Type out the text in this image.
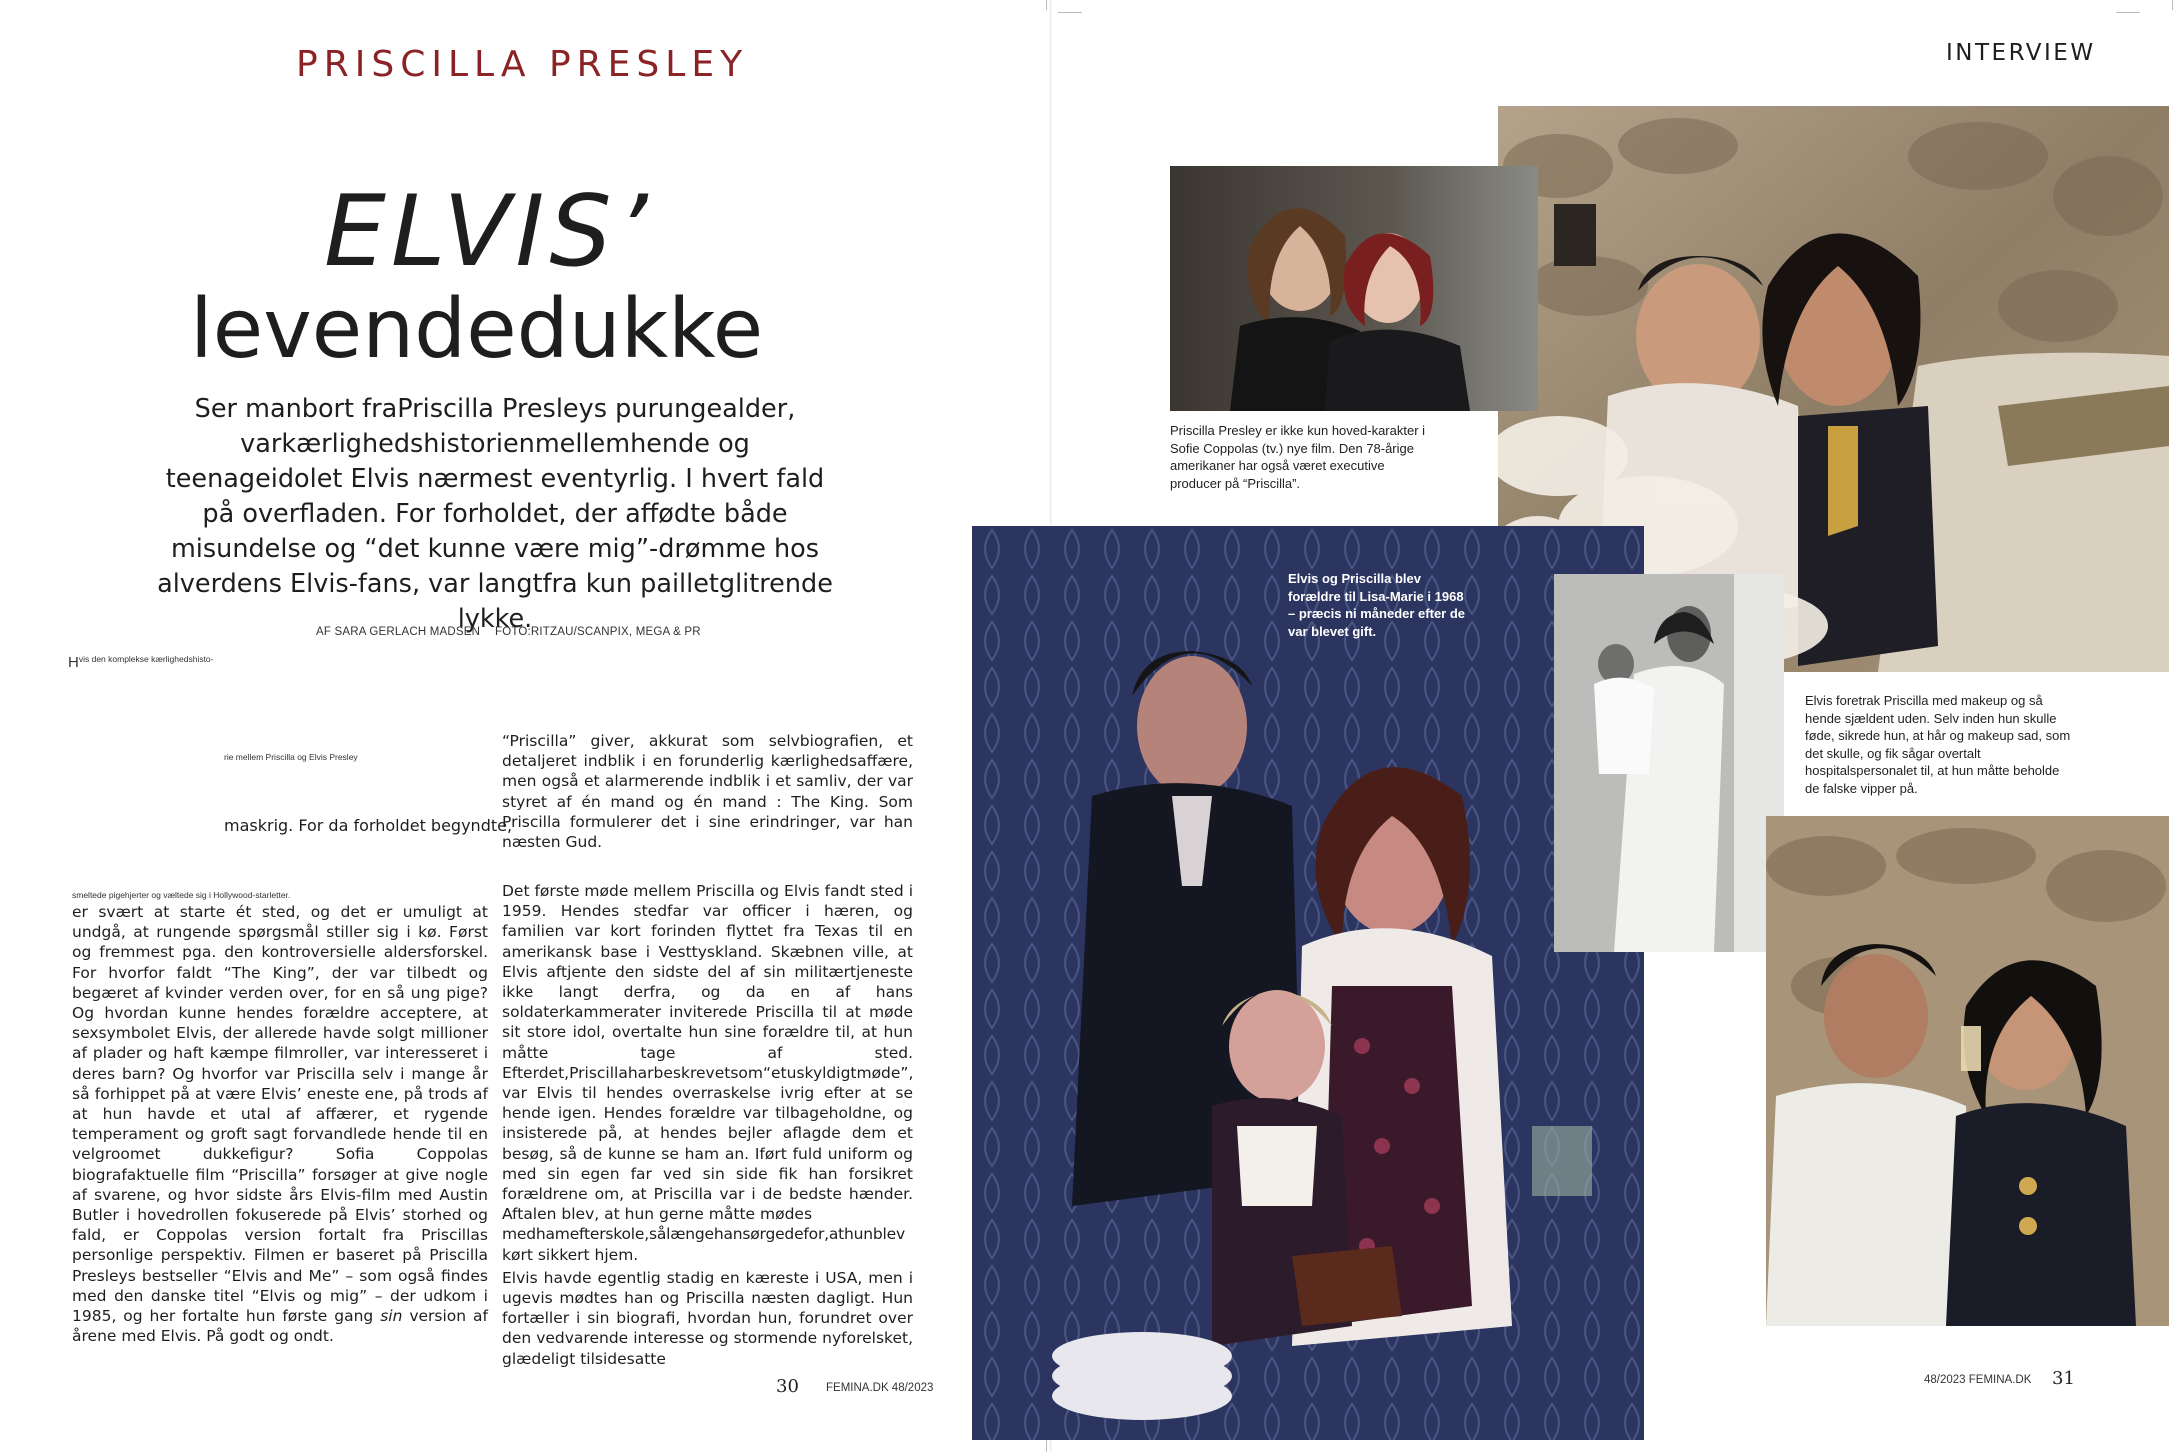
PRISCILLA PRESLEY
ELVIS’
levendedukke
Ser manbort fraPriscilla Presleys purungealder, varkærlighedshistorienmellemhende og teenageidolet Elvis nærmest eventyrlig. I hvert fald på overfladen. For forholdet, der affødte både misundelse og “det kunne være mig”-drømme hos alverdens Elvis-fans, var langtfra kun pailletglitrende lykke.
AF SARA GERLACH MADSEN FOTO:RITZAU/SCANPIX, MEGA & PR
$H^{vis den komplekse kærlighedshisto-}$
rie mellem Priscilla og Elvis Presley
maskrig. For da forholdet begyndte,
smeltede pigehjerter og væltede sig i Hollywood-starletter.
er svært at starte ét sted, og det er umuligt at undgå, at rungende spørgsmål stiller sig i kø. Først og fremmest pga. den kontroversielle aldersforskel. For hvorfor faldt “The King”, der var tilbedt og begæret af kvinder verden over, for en så ung pige? Og hvordan kunne hendes forældre acceptere, at sexsymbolet Elvis, der allerede havde solgt millioner af plader og haft kæmpe filmroller, var interesseret i deres barn? Og hvorfor var Priscilla selv i mange år så forhippet på at være Elvis’ eneste ene, på trods af at hun havde et utal af affærer, et rygende temperament og groft sagt forvandlede hende til en velgroomet dukkefigur? Sofia Coppolas biografaktuelle film “Priscilla” forsøger at give nogle af svarene, og hvor sidste års Elvis-film med Austin Butler i hovedrollen fokuserede på Elvis’ storhed og fald, er Coppolas version fortalt fra Priscillas personlige perspektiv. Filmen er baseret på Priscilla Presleys bestseller “Elvis and Me” – som også findes med den danske titel “Elvis og mig” – der udkom i 1985, og her fortalte hun første gang sin version af årene med Elvis. På godt og ondt.
“Priscilla” giver, akkurat som selvbiografien, et detaljeret indblik i en forunderlig kærlighedsaffære, men også et alarmerende indblik i et samliv, der var styret af én mand og én mand : The King. Som Priscilla formulerer det i sine erindringer, var han næsten Gud.
Det første møde mellem Priscilla og Elvis fandt sted i 1959. Hendes stedfar var officer i hæren, og familien var kort forinden flyttet fra Texas til en amerikansk base i Vesttyskland. Skæbnen ville, at Elvis aftjente den sidste del af sin militærtjeneste ikke langt derfra, og da en af hans soldaterkammerater inviterede Priscilla til at møde sit store idol, overtalte hun sine forældre til, at hun måtte tage af sted. Efterdet,Priscillaharbeskrevetsom“etuskyldigtmøde”, var Elvis til hendes overraskelse ivrig efter at se hende igen. Hendes forældre var tilbageholdne, og insisterede på, at hendes bejler aflagde dem et besøg, så de kunne se ham an. Iført fuld uniform og med sin egen far ved sin side fik han forsikret forældrene om, at Priscilla var i de bedste hænder. Aftalen blev, at hun gerne måtte mødes
medhamefterskole,sålængehansørgedefor,athunblev
kørt sikkert hjem.
Elvis havde egentlig stadig en kæreste i USA, men i ugevis mødtes han og Priscilla næsten dagligt. Hun fortæller i sin biografi, hvordan hun, forundret over den vedvarende interesse og stormende nyforelsket, glædeligt tilsidesatte
30 FEMINA.DK 48/2023
INTERVIEW
Priscilla Presley er ikke kun hoved-karakter i Sofie Coppolas (tv.) nye film. Den 78-årige amerikaner har også været executive producer på “Priscilla”.
Elvis og Priscilla blev forældre til Lisa-Marie i 1968 – præcis ni måneder efter de var blevet gift.
Elvis foretrak Priscilla med makeup og så hende sjældent uden. Selv inden hun skulle føde, sikrede hun, at hår og makeup sad, som det skulle, og fik sågar overtalt hospitalspersonalet til, at hun måtte beholde de falske vipper på.
48/2023 FEMINA.DK 31
